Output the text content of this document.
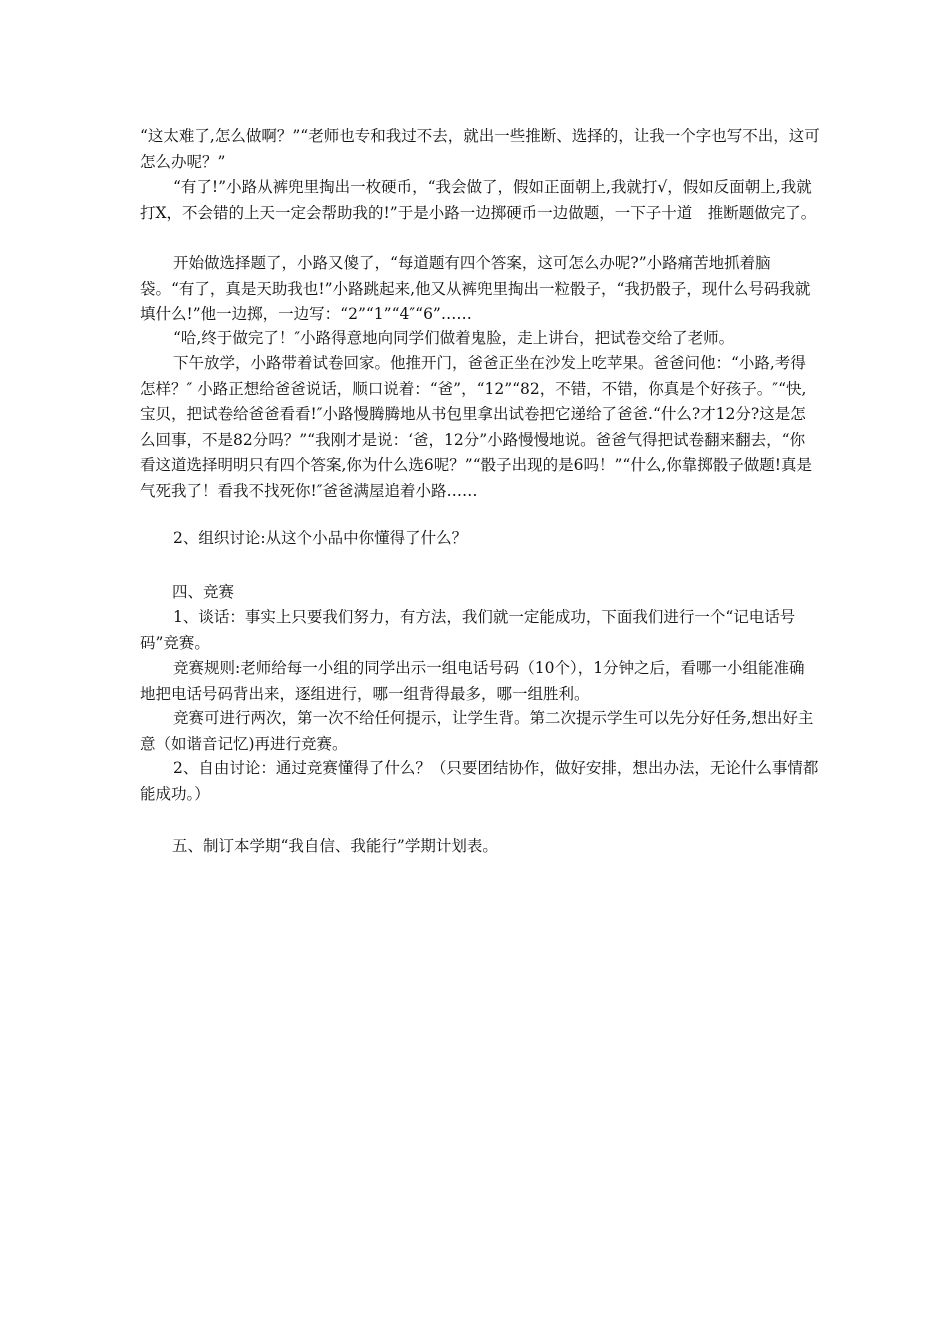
“这太难了,怎么做啊？”“老师也专和我过不去，就出一些推断、选择的，让我一个字也写不出，这可怎么办呢？”

“有了!”小路从裤兜里掏出一枚硬币，“我会做了，假如正面朝上,我就打√，假如反面朝上,我就打X，不会错的上天一定会帮助我的!”于是小路一边掷硬币一边做题，一下子十道　推断题做完了。

开始做选择题了，小路又傻了，“每道题有四个答案，这可怎么办呢?”小路痛苦地抓着脑袋。“有了，真是天助我也!”小路跳起来,他又从裤兜里掏出一粒骰子，“我扔骰子，现什么号码我就填什么!”他一边掷，一边写：“2”“1”“4″“6”……

“哈,终于做完了！″小路得意地向同学们做着鬼脸，走上讲台，把试卷交给了老师。

下午放学，小路带着试卷回家。他推开门，爸爸正坐在沙发上吃苹果。爸爸问他：“小路,考得怎样？″ 小路正想给爸爸说话，顺口说着：“爸”，“12”“82，不错，不错，你真是个好孩子。″“快,宝贝，把试卷给爸爸看看!″小路慢腾腾地从书包里拿出试卷把它递给了爸爸.“什么?才12分?这是怎么回事，不是82分吗？”“我刚才是说：‘爸，12分”小路慢慢地说。爸爸气得把试卷翻来翻去，“你看这道选择明明只有四个答案,你为什么选6呢？”“骰子出现的是6吗！”“什么,你靠掷骰子做题!真是气死我了！看我不找死你!″爸爸满屋追着小路……

2、组织讨论:从这个小品中你懂得了什么？

四、竞赛

1、谈话：事实上只要我们努力，有方法，我们就一定能成功，下面我们进行一个“记电话号码”竞赛。

竞赛规则:老师给每一小组的同学出示一组电话号码（10个），1分钟之后，看哪一小组能准确地把电话号码背出来，逐组进行，哪一组背得最多，哪一组胜利。

竞赛可进行两次，第一次不给任何提示，让学生背。第二次提示学生可以先分好任务,想出好主意（如谐音记忆)再进行竞赛。

2、自由讨论：通过竞赛懂得了什么？（只要团结协作，做好安排，想出办法，无论什么事情都能成功。）

五、制订本学期“我自信、我能行”学期计划表。
